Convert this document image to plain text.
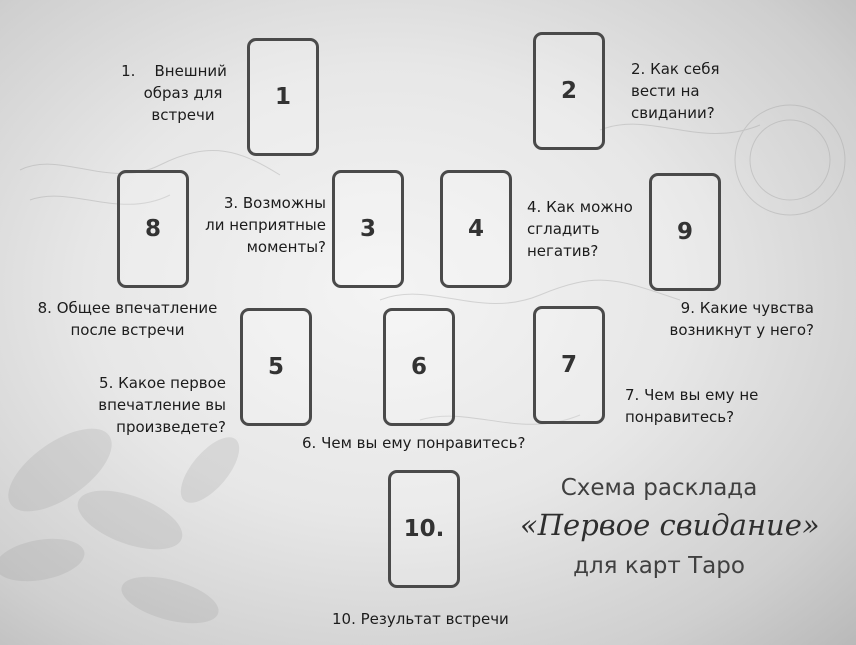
1	2
3	4
5	6	7
8	9
10.
1. Внешний
образ для
встречи
2. Как себя
вести на
свидании?
3. Возможны
ли неприятные
моменты?
4. Как можно
сгладить
негатив?
5. Какое первое
впечатление вы
произведете?
6. Чем вы ему понравитесь?
7. Чем вы ему не
понравитесь?
8. Общее впечатление
после встречи
9. Какие чувства
возникнут у него?
10. Результат встречи
Схема расклада
«Первое свидание»
для карт Таро
